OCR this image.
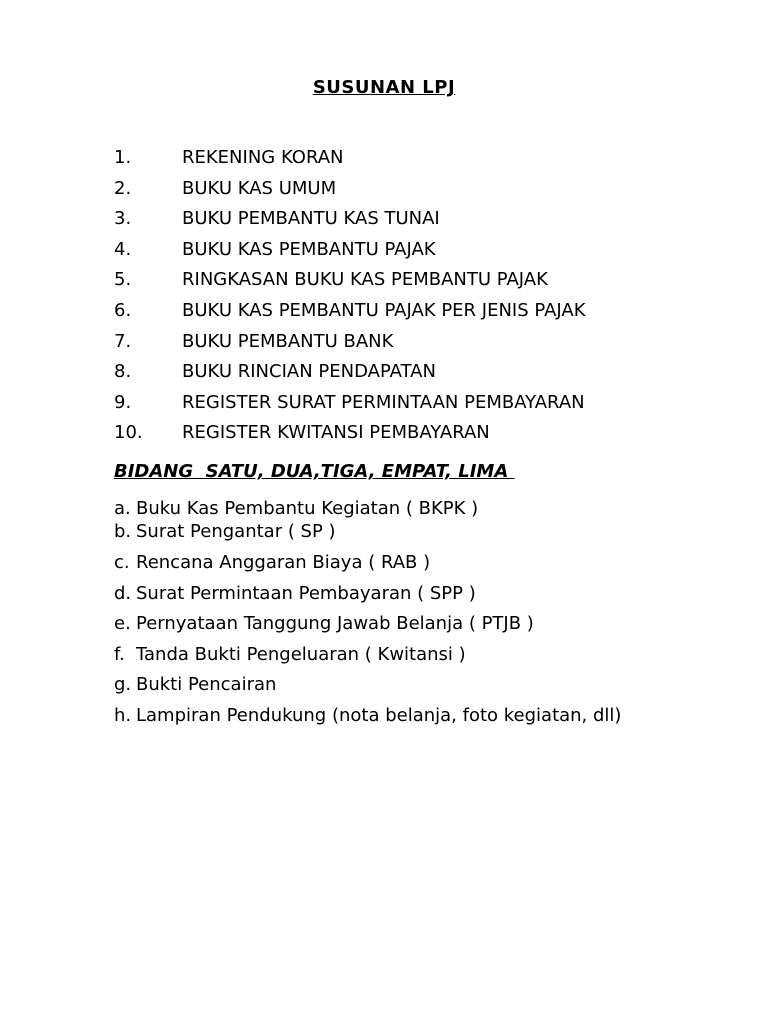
SUSUNAN LPJ
1.	REKENING KORAN
2.	BUKU KAS UMUM
3.	BUKU PEMBANTU KAS TUNAI
4.	BUKU KAS PEMBANTU PAJAK
5.	RINGKASAN BUKU KAS PEMBANTU PAJAK
6.	BUKU KAS PEMBANTU PAJAK PER JENIS PAJAK
7.	BUKU PEMBANTU BANK
8.	BUKU RINCIAN PENDAPATAN
9.	REGISTER SURAT PERMINTAAN PEMBAYARAN
10. REGISTER KWITANSI PEMBAYARAN
BIDANG  SATU, DUA,TIGA, EMPAT, LIMA
a. Buku Kas Pembantu Kegiatan ( BKPK )
b. Surat Pengantar ( SP )
c. Rencana Anggaran Biaya ( RAB )
d. Surat Permintaan Pembayaran ( SPP )
e. Pernyataan Tanggung Jawab Belanja ( PTJB )
f. Tanda Bukti Pengeluaran ( Kwitansi )
g. Bukti Pencairan
h. Lampiran Pendukung (nota belanja, foto kegiatan, dll)
